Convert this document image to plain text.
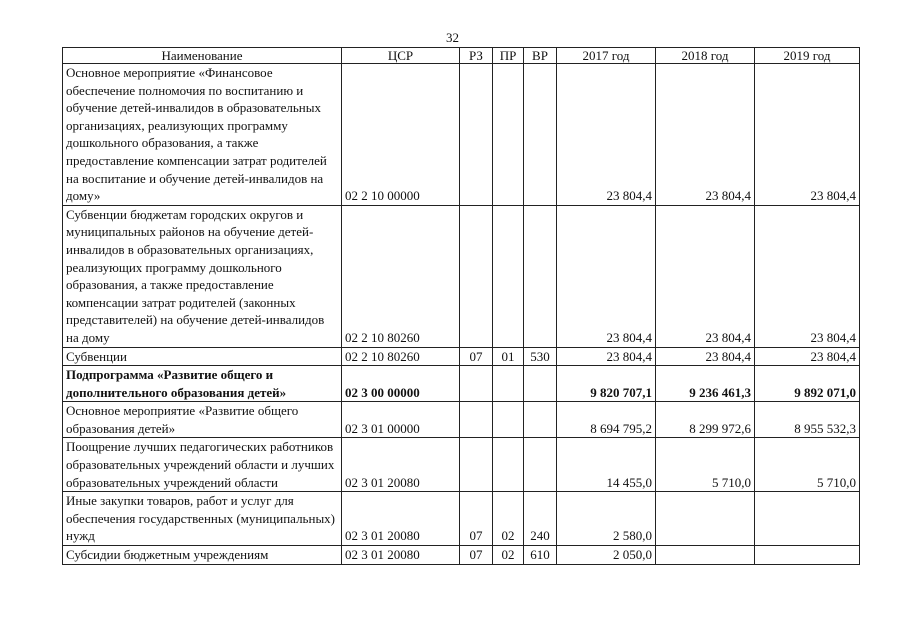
32
Наименование	ЦСР	РЗ	ПР	ВР	2017 год	2018 год	2019 год
Основное мероприятие «Финансовое обеспечение полномочия по воспитанию и обучение детей-инвалидов в образовательных организациях, реализующих программу дошкольного образования, а также предоставление компенсации затрат родителей на воспитание и обучение детей-инвалидов на дому»	02 2 10 00000				23 804,4	23 804,4	23 804,4
Субвенции бюджетам городских округов и муниципальных районов на обучение детей-инвалидов в образовательных организациях, реализующих программу дошкольного образования, а также предоставление компенсации затрат родителей (законных представителей) на обучение детей-инвалидов на дому	02 2 10 80260				23 804,4	23 804,4	23 804,4
Субвенции	02 2 10 80260	07	01	530	23 804,4	23 804,4	23 804,4
Подпрограмма «Развитие общего и дополнительного образования детей»	02 3 00 00000				9 820 707,1	9 236 461,3	9 892 071,0
Основное мероприятие «Развитие общего образования детей»	02 3 01 00000				8 694 795,2	8 299 972,6	8 955 532,3
Поощрение лучших педагогических работников образовательных учреждений области и лучших образовательных учреждений области	02 3 01 20080				14 455,0	5 710,0	5 710,0
Иные закупки товаров, работ и услуг для обеспечения государственных (муниципальных) нужд	02 3 01 20080	07	02	240	2 580,0		
Субсидии бюджетным учреждениям	02 3 01 20080	07	02	610	2 050,0		
